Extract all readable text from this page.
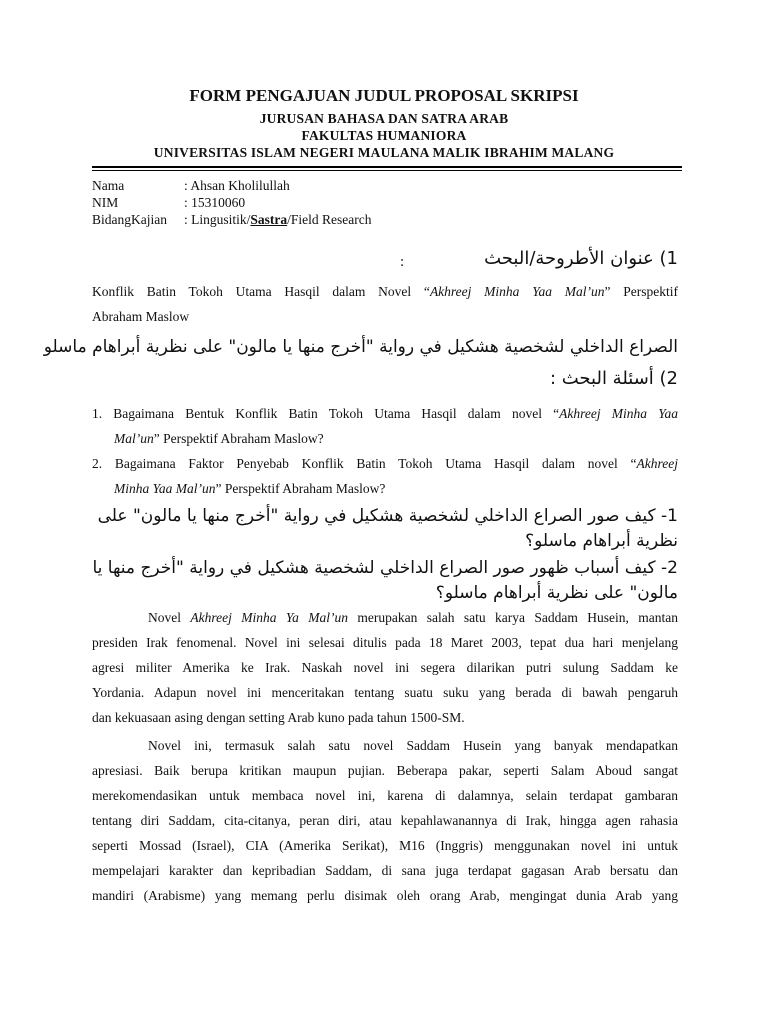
FORM PENGAJUAN JUDUL PROPOSAL SKRIPSI
JURUSAN BAHASA DAN SATRA ARAB
FAKULTAS HUMANIORA
UNIVERSITAS ISLAM NEGERI MAULANA MALIK IBRAHIM MALANG
Nama	: Ahsan Kholilullah
NIM	: 15310060
BidangKajian : Lingusitik/Sastra/Field Research
1) عنوان الأطروحة/البحث
:
Konflik Batin Tokoh Utama Hasqil dalam Novel “Akhreej Minha Yaa Mal’un” Perspektif
Abraham Maslow
الصراع الداخلي لشخصية هشكيل في رواية "أخرج منها يا مالون" على نظرية أبراهام ماسلو
2) أسئلة البحث :
1. Bagaimana Bentuk Konflik Batin Tokoh Utama Hasqil dalam novel “Akhreej Minha Yaa
Mal’un” Perspektif Abraham Maslow?
2. Bagaimana Faktor Penyebab Konflik Batin Tokoh Utama Hasqil dalam novel “Akhreej
Minha Yaa Mal’un” Perspektif Abraham Maslow?
1- كيف صور الصراع الداخلي لشخصية هشكيل في رواية "أخرج منها يا مالون" على
نظرية أبراهام ماسلو؟
2- كيف أسباب ظهور صور الصراع الداخلي لشخصية هشكيل في رواية "أخرج منها يا
مالون" على نظرية أبراهام ماسلو؟
Novel Akhreej Minha Ya Mal’un merupakan salah satu karya Saddam Husein, mantan
presiden Irak fenomenal. Novel ini selesai ditulis pada 18 Maret 2003, tepat dua hari menjelang
agresi militer Amerika ke Irak. Naskah novel ini segera dilarikan putri sulung Saddam ke
Yordania. Adapun novel ini menceritakan tentang suatu suku yang berada di bawah pengaruh
dan kekuasaan asing dengan setting Arab kuno pada tahun 1500-SM.
Novel ini, termasuk salah satu novel Saddam Husein yang banyak mendapatkan
apresiasi. Baik berupa kritikan maupun pujian. Beberapa pakar, seperti Salam Aboud sangat
merekomendasikan untuk membaca novel ini, karena di dalamnya, selain terdapat gambaran
tentang diri Saddam, cita-citanya, peran diri, atau kepahlawanannya di Irak, hingga agen rahasia
seperti Mossad (Israel), CIA (Amerika Serikat), M16 (Inggris) menggunakan novel ini untuk
mempelajari karakter dan kepribadian Saddam, di sana juga terdapat gagasan Arab bersatu dan
mandiri (Arabisme) yang memang perlu disimak oleh orang Arab, mengingat dunia Arab yang
